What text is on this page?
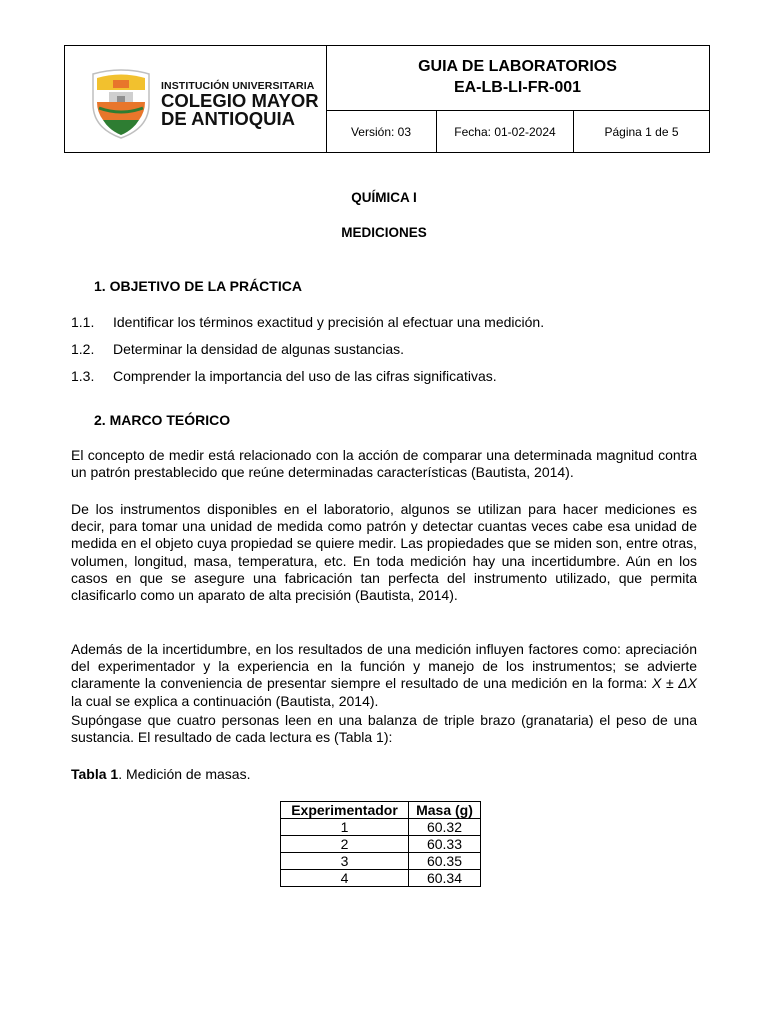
INSTITUCIÓN UNIVERSITARIA
COLEGIO MAYOR
DE ANTIOQUIA
GUIA DE LABORATORIOS
EA-LB-LI-FR-001
Versión: 03	Fecha: 01-02-2024	Página 1 de 5
QUÍMICA I
MEDICIONES
1. OBJETIVO DE LA PRÁCTICA
1.1. Identificar los términos exactitud y precisión al efectuar una medición.
1.2. Determinar la densidad de algunas sustancias.
1.3. Comprender la importancia del uso de las cifras significativas.
2. MARCO TEÓRICO
El concepto de medir está relacionado con la acción de comparar una determinada magnitud contra un patrón prestablecido que reúne determinadas características (Bautista, 2014).
De los instrumentos disponibles en el laboratorio, algunos se utilizan para hacer mediciones es decir, para tomar una unidad de medida como patrón y detectar cuantas veces cabe esa unidad de medida en el objeto cuya propiedad se quiere medir. Las propiedades que se miden son, entre otras, volumen, longitud, masa, temperatura, etc. En toda medición hay una incertidumbre. Aún en los casos en que se asegure una fabricación tan perfecta del instrumento utilizado, que permita clasificarlo como un aparato de alta precisión (Bautista, 2014).
Además de la incertidumbre, en los resultados de una medición influyen factores como: apreciación del experimentador y la experiencia en la función y manejo de los instrumentos; se advierte claramente la conveniencia de presentar siempre el resultado de una medición en la forma: X ± ΔX la cual se explica a continuación (Bautista, 2014).
Supóngase que cuatro personas leen en una balanza de triple brazo (granataria) el peso de una sustancia. El resultado de cada lectura es (Tabla 1):
Tabla 1. Medición de masas.
Experimentador	Masa (g)
1	60.32
2	60.33
3	60.35
4	60.34
